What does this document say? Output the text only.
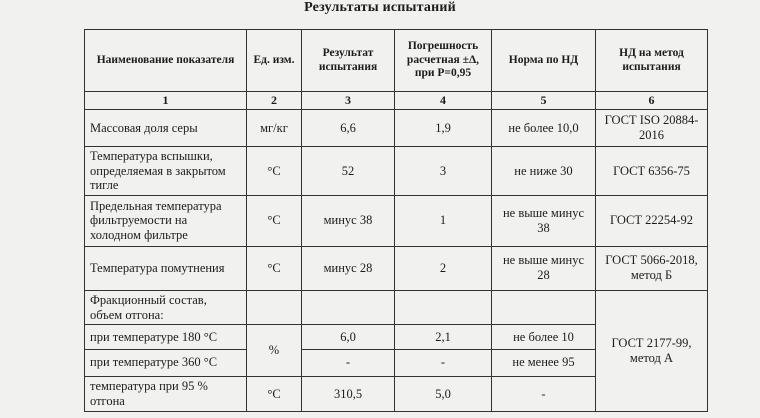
Результаты испытаний
Наименование показателя	Ед. изм.	Результат испытания	Погрешность расчетная ±Δ, при Р=0,95	Норма по НД	НД на метод испытания
1	2	3	4	5	6
Массовая доля серы	мг/кг	6,6	1,9	не более 10,0	ГОСТ ISO 20884-2016
Температура вспышки, определяемая в закрытом тигле	°С	52	3	не ниже 30	ГОСТ 6356-75
Предельная температура фильтруемости на холодном фильтре	°С	минус 38	1	не выше минус 38	ГОСТ 22254-92
Температура помутнения	°С	минус 28	2	не выше минус 28	ГОСТ 5066-2018, метод Б
Фракционный состав, объем отгона:					ГОСТ 2177-99, метод А
при температуре 180 °С	%	6,0	2,1	не более 10	
при температуре 360 °С		-	-	не менее 95	
температура при 95 % отгона	°С	310,5	5,0	-	
